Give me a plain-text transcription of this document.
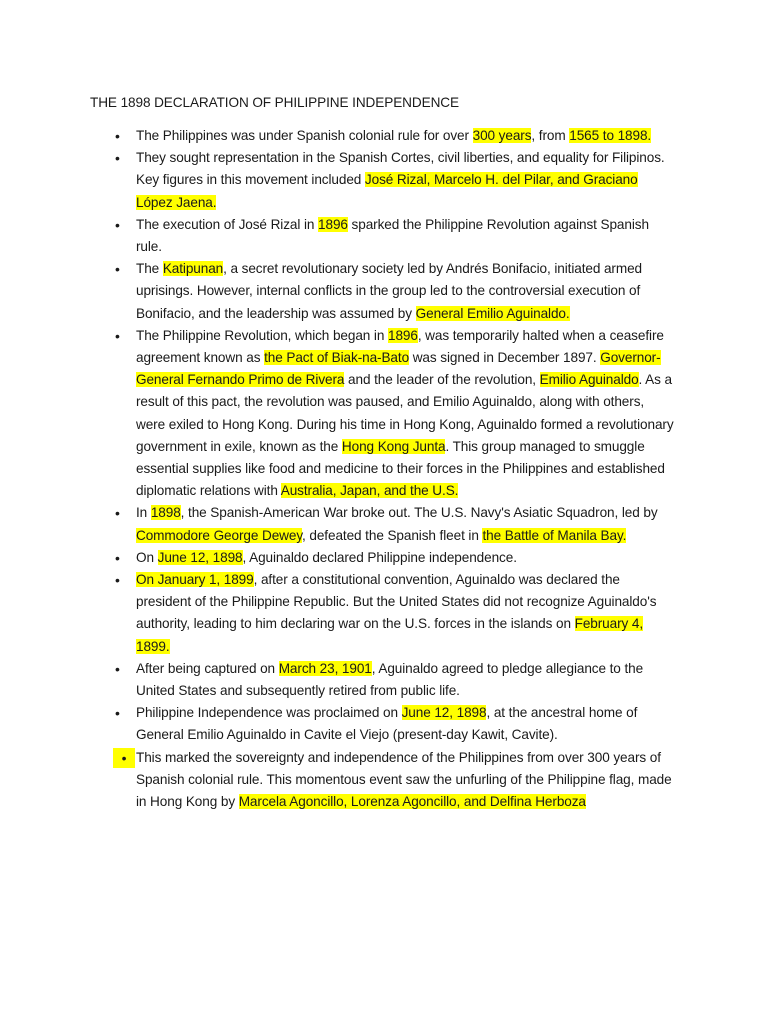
THE 1898 DECLARATION OF PHILIPPINE INDEPENDENCE
•	The Philippines was under Spanish colonial rule for over 300 years, from 1565 to 1898.
•	They sought representation in the Spanish Cortes, civil liberties, and equality for Filipinos. Key figures in this movement included José Rizal, Marcelo H. del Pilar, and Graciano López Jaena.
•	The execution of José Rizal in 1896 sparked the Philippine Revolution against Spanish rule.
•	The Katipunan, a secret revolutionary society led by Andrés Bonifacio, initiated armed uprisings. However, internal conflicts in the group led to the controversial execution of Bonifacio, and the leadership was assumed by General Emilio Aguinaldo.
•	The Philippine Revolution, which began in 1896, was temporarily halted when a ceasefire agreement known as the Pact of Biak-na-Bato was signed in December 1897. Governor-General Fernando Primo de Rivera and the leader of the revolution, Emilio Aguinaldo. As a result of this pact, the revolution was paused, and Emilio Aguinaldo, along with others, were exiled to Hong Kong. During his time in Hong Kong, Aguinaldo formed a revolutionary government in exile, known as the Hong Kong Junta. This group managed to smuggle essential supplies like food and medicine to their forces in the Philippines and established diplomatic relations with Australia, Japan, and the U.S.
•	In 1898, the Spanish-American War broke out. The U.S. Navy's Asiatic Squadron, led by Commodore George Dewey, defeated the Spanish fleet in the Battle of Manila Bay.
•	On June 12, 1898, Aguinaldo declared Philippine independence.
•	On January 1, 1899, after a constitutional convention, Aguinaldo was declared the president of the Philippine Republic. But the United States did not recognize Aguinaldo's authority, leading to him declaring war on the U.S. forces in the islands on February 4, 1899.
•	After being captured on March 23, 1901, Aguinaldo agreed to pledge allegiance to the United States and subsequently retired from public life.
•	Philippine Independence was proclaimed on June 12, 1898, at the ancestral home of General Emilio Aguinaldo in Cavite el Viejo (present-day Kawit, Cavite).
• This marked the sovereignty and independence of the Philippines from over 300 years of Spanish colonial rule. This momentous event saw the unfurling of the Philippine flag, made in Hong Kong by Marcela Agoncillo, Lorenza Agoncillo, and Delfina Herboza
